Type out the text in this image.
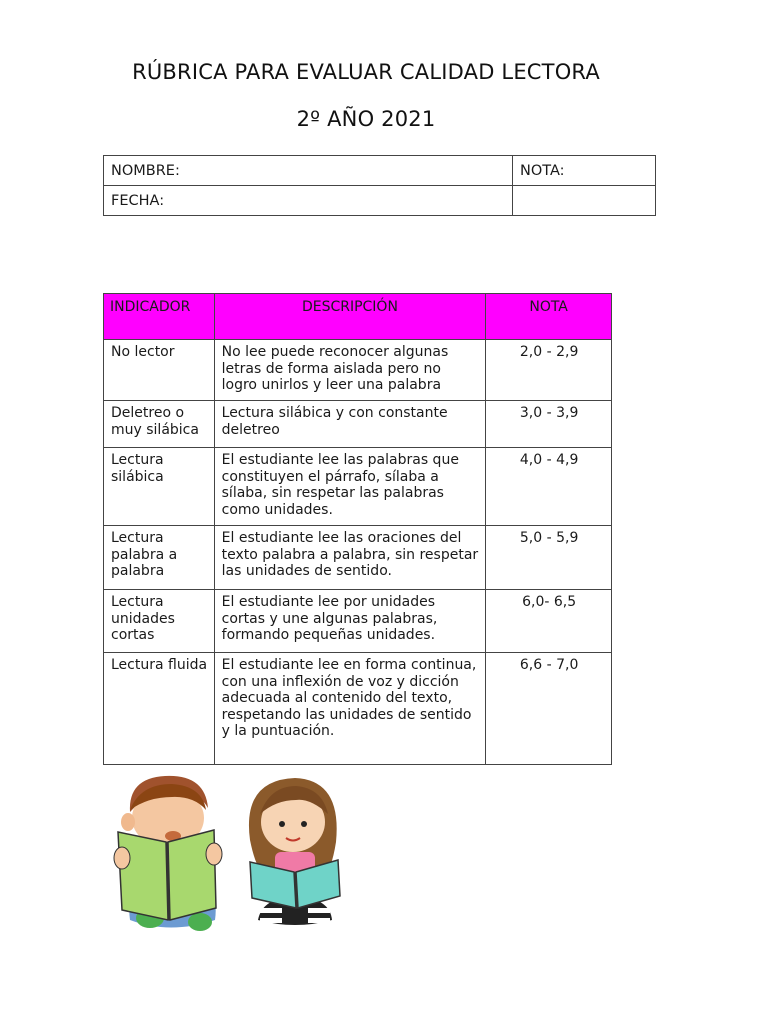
RÚBRICA PARA EVALUAR CALIDAD LECTORA
2º AÑO 2021
NOMBRE:	NOTA:
FECHA:	
INDICADOR	DESCRIPCIÓN	NOTA
No lector	No lee puede reconocer algunas letras de forma aislada pero no logro unirlos y leer una palabra	2,0 - 2,9
Deletreo o muy silábica	Lectura silábica y con constante deletreo	3,0 - 3,9
Lectura silábica	El estudiante lee las palabras que constituyen el párrafo, sílaba a sílaba, sin respetar las palabras como unidades.	4,0 - 4,9
Lectura palabra a palabra	El estudiante lee las oraciones del texto palabra a palabra, sin respetar las unidades de sentido.	5,0 - 5,9
Lectura unidades cortas	El estudiante lee por unidades cortas y une algunas palabras, formando pequeñas unidades.	6,0- 6,5
Lectura fluida	El estudiante lee en forma continua, con una inflexión de voz y dicción adecuada al contenido del texto, respetando las unidades de sentido y la puntuación.	6,6 - 7,0
